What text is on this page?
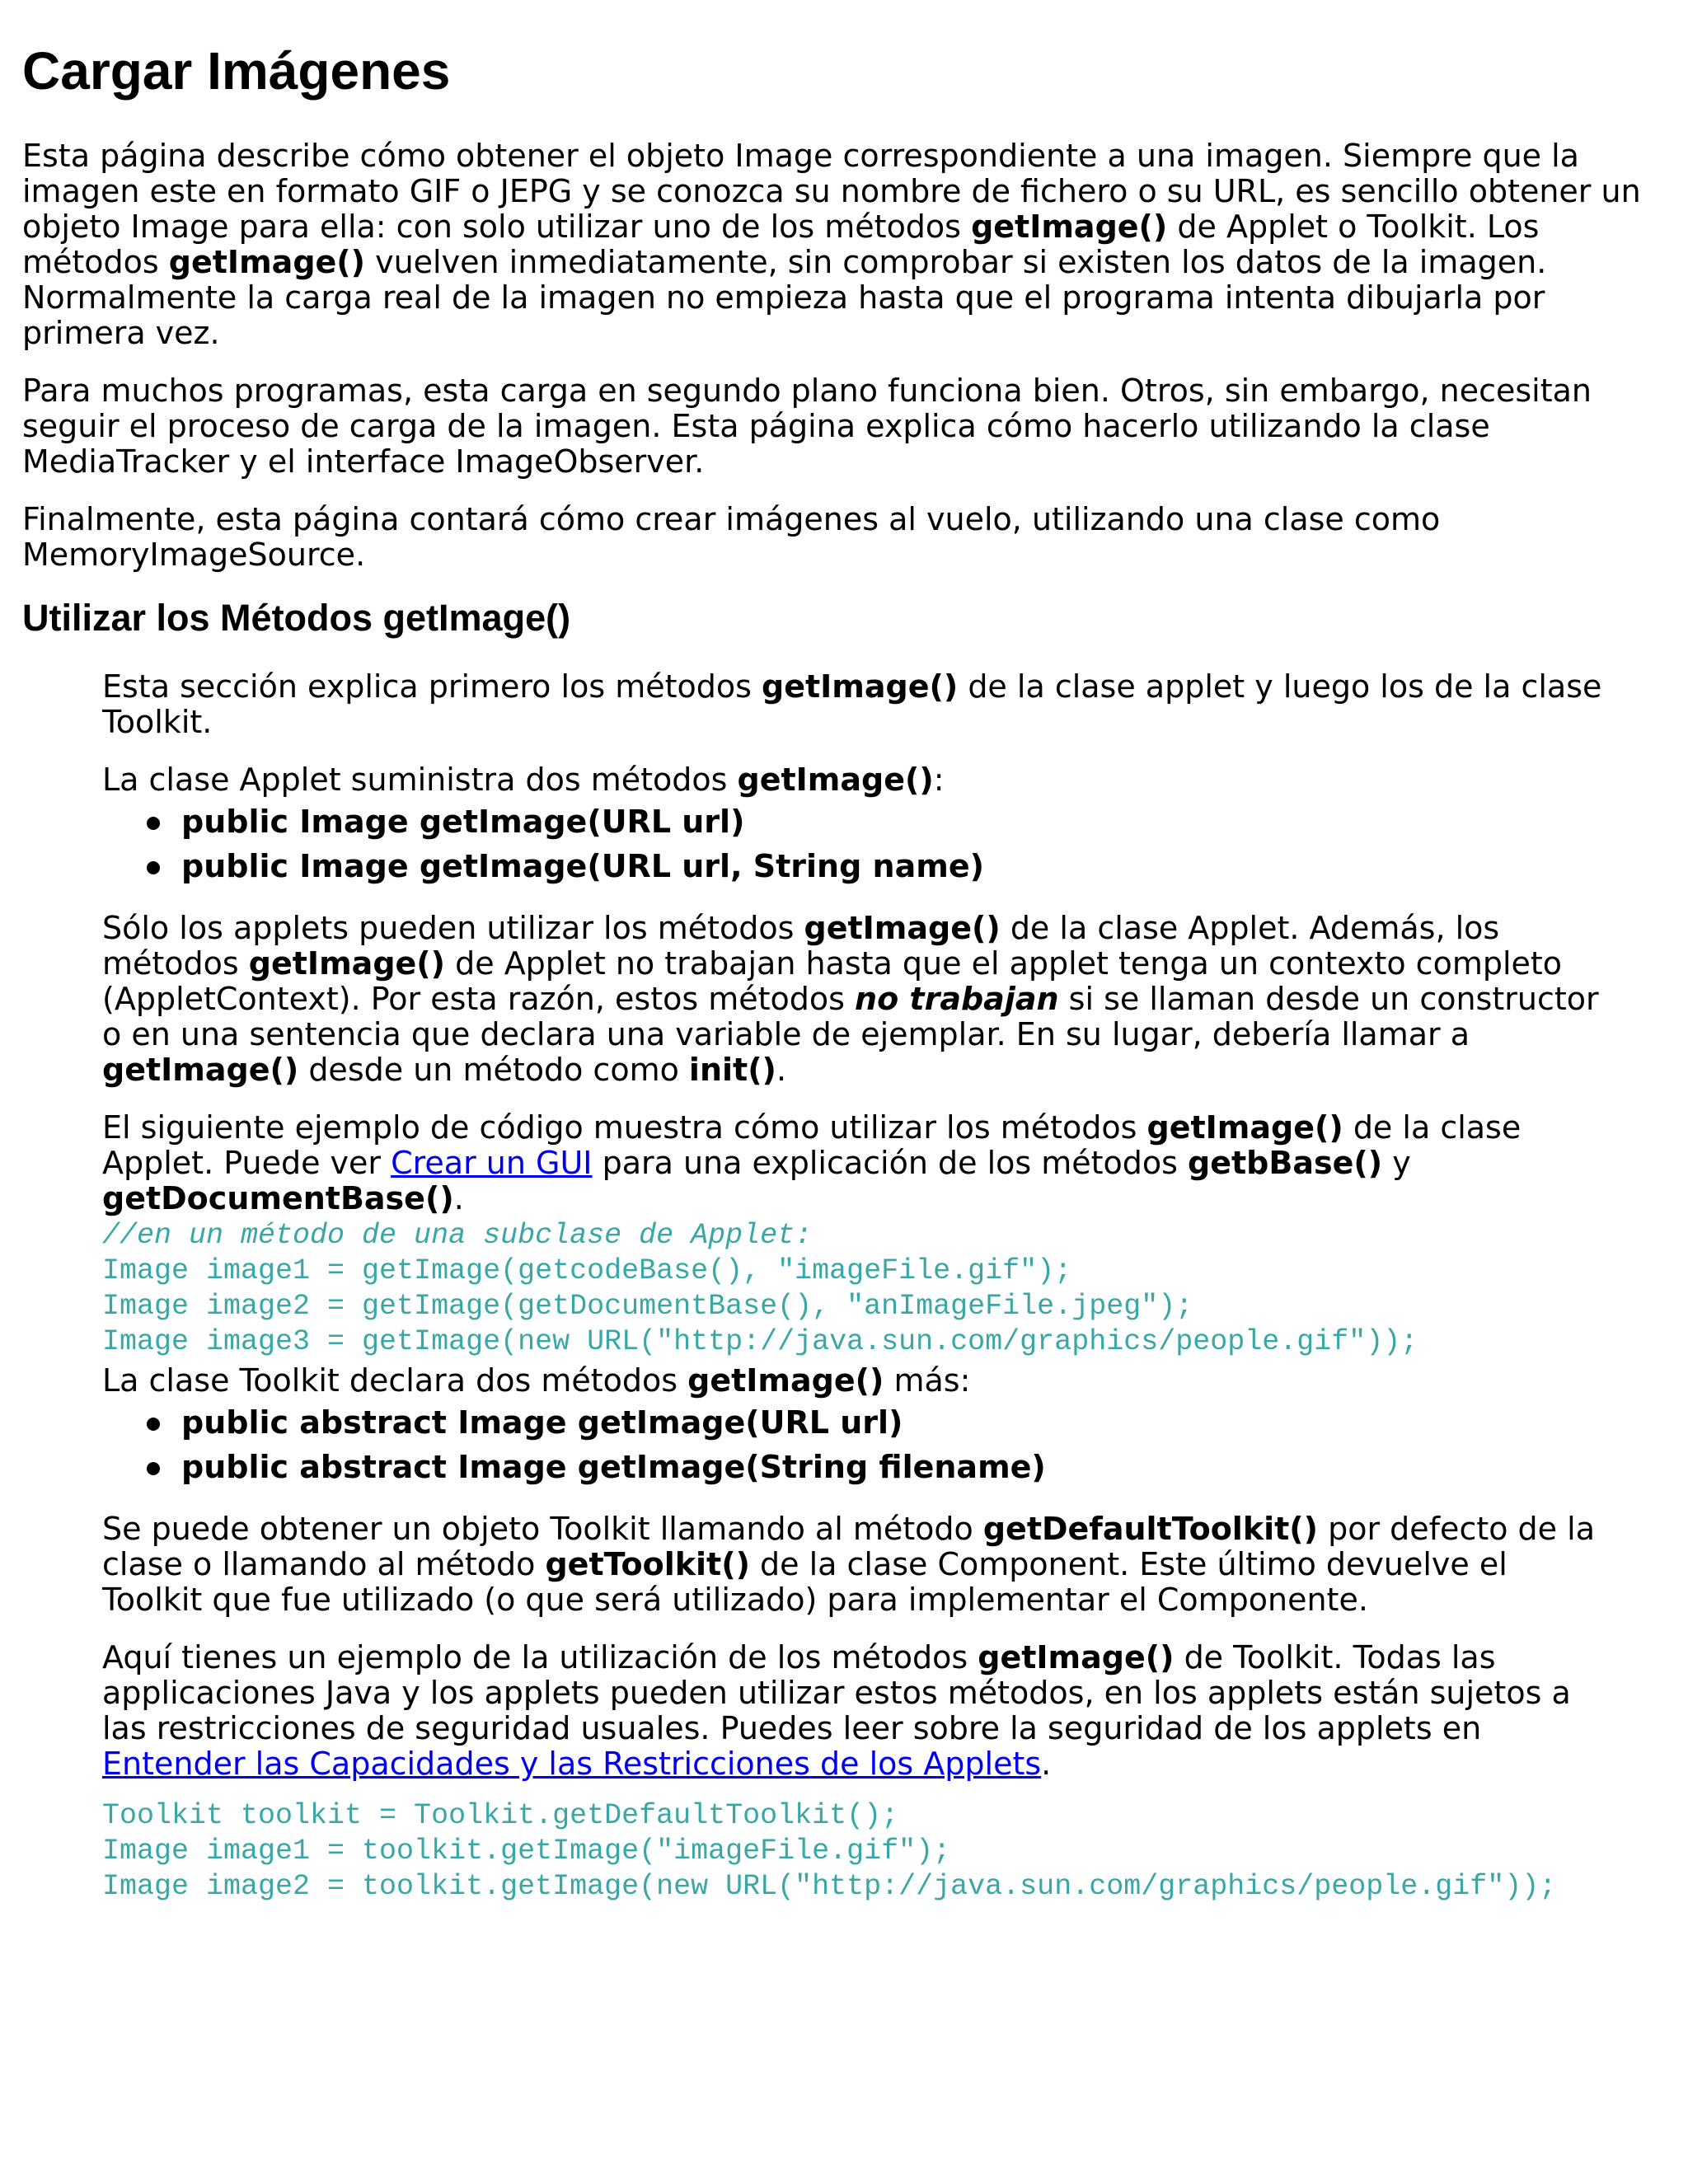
Cargar Imágenes

Esta página describe cómo obtener el objeto Image correspondiente a una imagen. Siempre que la imagen este en formato GIF o JEPG y se conozca su nombre de fichero o su URL, es sencillo obtener un objeto Image para ella: con solo utilizar uno de los métodos getImage() de Applet o Toolkit. Los métodos getImage() vuelven inmediatamente, sin comprobar si existen los datos de la imagen. Normalmente la carga real de la imagen no empieza hasta que el programa intenta dibujarla por primera vez.

Para muchos programas, esta carga en segundo plano funciona bien. Otros, sin embargo, necesitan seguir el proceso de carga de la imagen. Esta página explica cómo hacerlo utilizando la clase MediaTracker y el interface ImageObserver.

Finalmente, esta página contará cómo crear imágenes al vuelo, utilizando una clase como MemoryImageSource.

Utilizar los Métodos getImage()

Esta sección explica primero los métodos getImage() de la clase applet y luego los de la clase Toolkit.

La clase Applet suministra dos métodos getImage():

public Image getImage(URL url)
public Image getImage(URL url, String name)

Sólo los applets pueden utilizar los métodos getImage() de la clase Applet. Además, los métodos getImage() de Applet no trabajan hasta que el applet tenga un contexto completo (AppletContext). Por esta razón, estos métodos no trabajan si se llaman desde un constructor o en una sentencia que declara una variable de ejemplar. En su lugar, debería llamar a getImage() desde un método como init().

El siguiente ejemplo de código muestra cómo utilizar los métodos getImage() de la clase Applet. Puede ver Crear un GUI para una explicación de los métodos getbBase() y getDocumentBase().

//en un método de una subclase de Applet:
Image image1 = getImage(getcodeBase(), "imageFile.gif");
Image image2 = getImage(getDocumentBase(), "anImageFile.jpeg");
Image image3 = getImage(new URL("http://java.sun.com/graphics/people.gif"));

La clase Toolkit declara dos métodos getImage() más:

public abstract Image getImage(URL url)
public abstract Image getImage(String filename)

Se puede obtener un objeto Toolkit llamando al método getDefaultToolkit() por defecto de la clase o llamando al método getToolkit() de la clase Component. Este último devuelve el Toolkit que fue utilizado (o que será utilizado) para implementar el Componente.

Aquí tienes un ejemplo de la utilización de los métodos getImage() de Toolkit. Todas las applicaciones Java y los applets pueden utilizar estos métodos, en los applets están sujetos a las restricciones de seguridad usuales. Puedes leer sobre la seguridad de los applets en Entender las Capacidades y las Restricciones de los Applets.

Toolkit toolkit = Toolkit.getDefaultToolkit();
Image image1 = toolkit.getImage("imageFile.gif");
Image image2 = toolkit.getImage(new URL("http://java.sun.com/graphics/people.gif"));
